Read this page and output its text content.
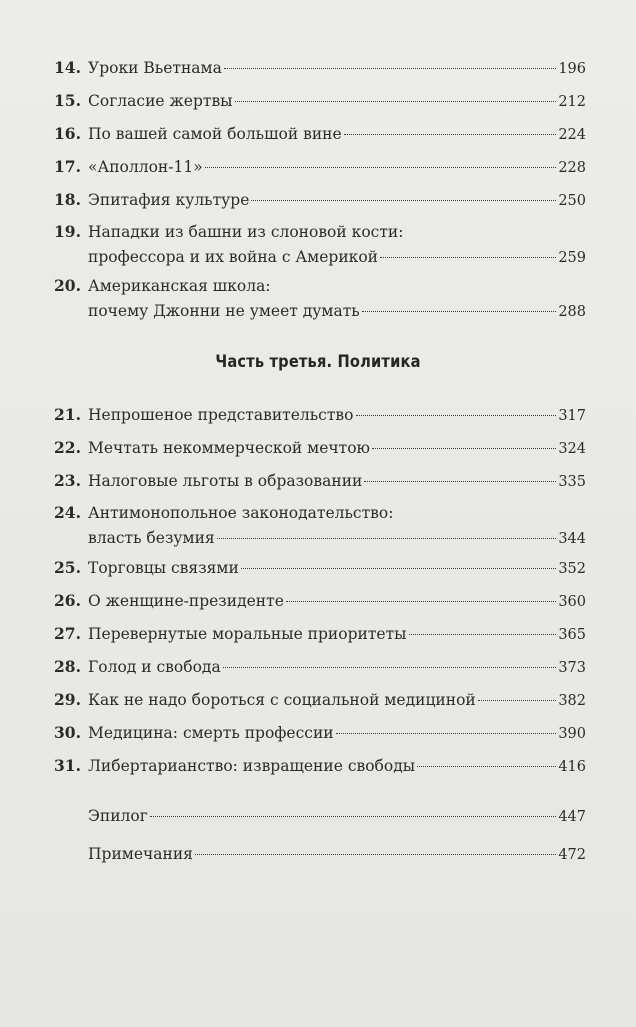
14. Уроки Вьетнама	196
15. Согласие жертвы	212
16. По вашей самой большой вине	224
17. «Аполлон-11»	228
18. Эпитафия культуре	250
19. Нападки из башни из слоновой кости:
профессора и их война с Америкой	259
20. Американская школа:
почему Джонни не умеет думать	288
Часть третья. Политика
21. Непрошеное представительство	317
22. Мечтать некоммерческой мечтою	324
23. Налоговые льготы в образовании	335
24. Антимонопольное законодательство:
власть безумия	344
25. Торговцы связями	352
26. О женщине-президенте	360
27. Перевернутые моральные приоритеты	365
28. Голод и свобода	373
29. Как не надо бороться с социальной медициной	382
30. Медицина: смерть профессии	390
31. Либертарианство: извращение свободы	416
Эпилог	447
Примечания	472
